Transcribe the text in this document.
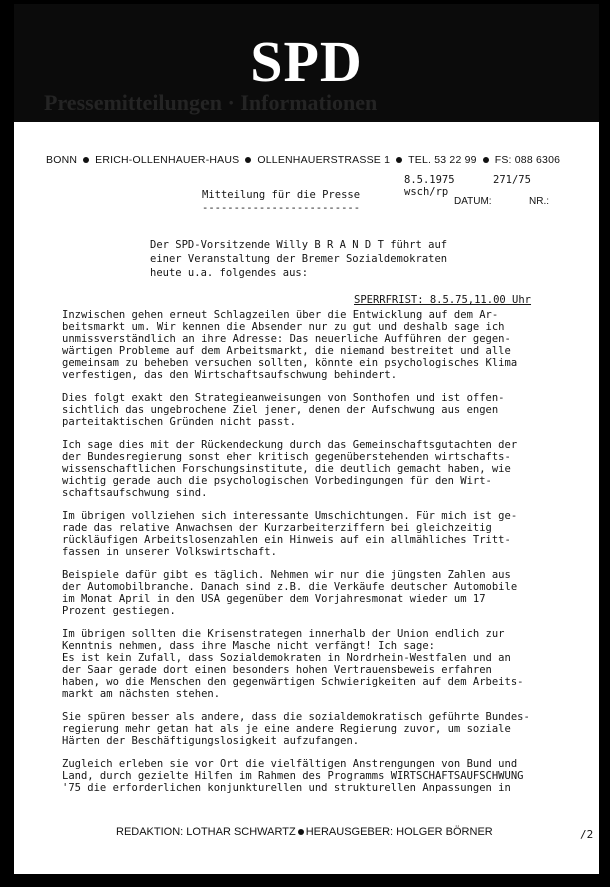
SPD
Pressemitteilungen · Informationen
BONN ERICH-OLLENHAUER-HAUS OLLENHAUERSTRASSE 1 TEL. 53 22 99 FS: 088 6306
Mitteilung für die Presse
-------------------------
8.5.1975	271/75
wsch/rp
DATUM:	NR.:
Der SPD-Vorsitzende Willy B R A N D T führt auf
einer Veranstaltung der Bremer Sozialdemokraten
heute u.a. folgendes aus:
SPERRFRIST: 8.5.75,11.00 Uhr
Inzwischen gehen erneut Schlagzeilen über die Entwicklung auf dem Ar-
beitsmarkt um. Wir kennen die Absender nur zu gut und deshalb sage ich
unmissverständlich an ihre Adresse: Das neuerliche Aufführen der gegen-
wärtigen Probleme auf dem Arbeitsmarkt, die niemand bestreitet und alle
gemeinsam zu beheben versuchen sollten, könnte ein psychologisches Klima
verfestigen, das den Wirtschaftsaufschwung behindert.
Dies folgt exakt den Strategieanweisungen von Sonthofen und ist offen-
sichtlich das ungebrochene Ziel jener, denen der Aufschwung aus engen
parteitaktischen Gründen nicht passt.
Ich sage dies mit der Rückendeckung durch das Gemeinschaftsgutachten der
der Bundesregierung sonst eher kritisch gegenüberstehenden wirtschafts-
wissenschaftlichen Forschungsinstitute, die deutlich gemacht haben, wie
wichtig gerade auch die psychologischen Vorbedingungen für den Wirt-
schaftsaufschwung sind.
Im übrigen vollziehen sich interessante Umschichtungen. Für mich ist ge-
rade das relative Anwachsen der Kurzarbeiterziffern bei gleichzeitig
rückläufigen Arbeitslosenzahlen ein Hinweis auf ein allmähliches Tritt-
fassen in unserer Volkswirtschaft.
Beispiele dafür gibt es täglich. Nehmen wir nur die jüngsten Zahlen aus
der Automobilbranche. Danach sind z.B. die Verkäufe deutscher Automobile
im Monat April in den USA gegenüber dem Vorjahresmonat wieder um 17
Prozent gestiegen.
Im übrigen sollten die Krisenstrategen innerhalb der Union endlich zur
Kenntnis nehmen, dass ihre Masche nicht verfängt! Ich sage:
Es ist kein Zufall, dass Sozialdemokraten in Nordrhein-Westfalen und an
der Saar gerade dort einen besonders hohen Vertrauensbeweis erfahren
haben, wo die Menschen den gegenwärtigen Schwierigkeiten auf dem Arbeits-
markt am nächsten stehen.
Sie spüren besser als andere, dass die sozialdemokratisch geführte Bundes-
regierung mehr getan hat als je eine andere Regierung zuvor, um soziale
Härten der Beschäftigungslosigkeit aufzufangen.
Zugleich erleben sie vor Ort die vielfältigen Anstrengungen von Bund und
Land, durch gezielte Hilfen im Rahmen des Programms WIRTSCHAFTSAUFSCHWUNG
'75 die erforderlichen konjunkturellen und strukturellen Anpassungen in
REDAKTION: LOTHAR SCHWARTZ HERAUSGEBER: HOLGER BÖRNER	/2
